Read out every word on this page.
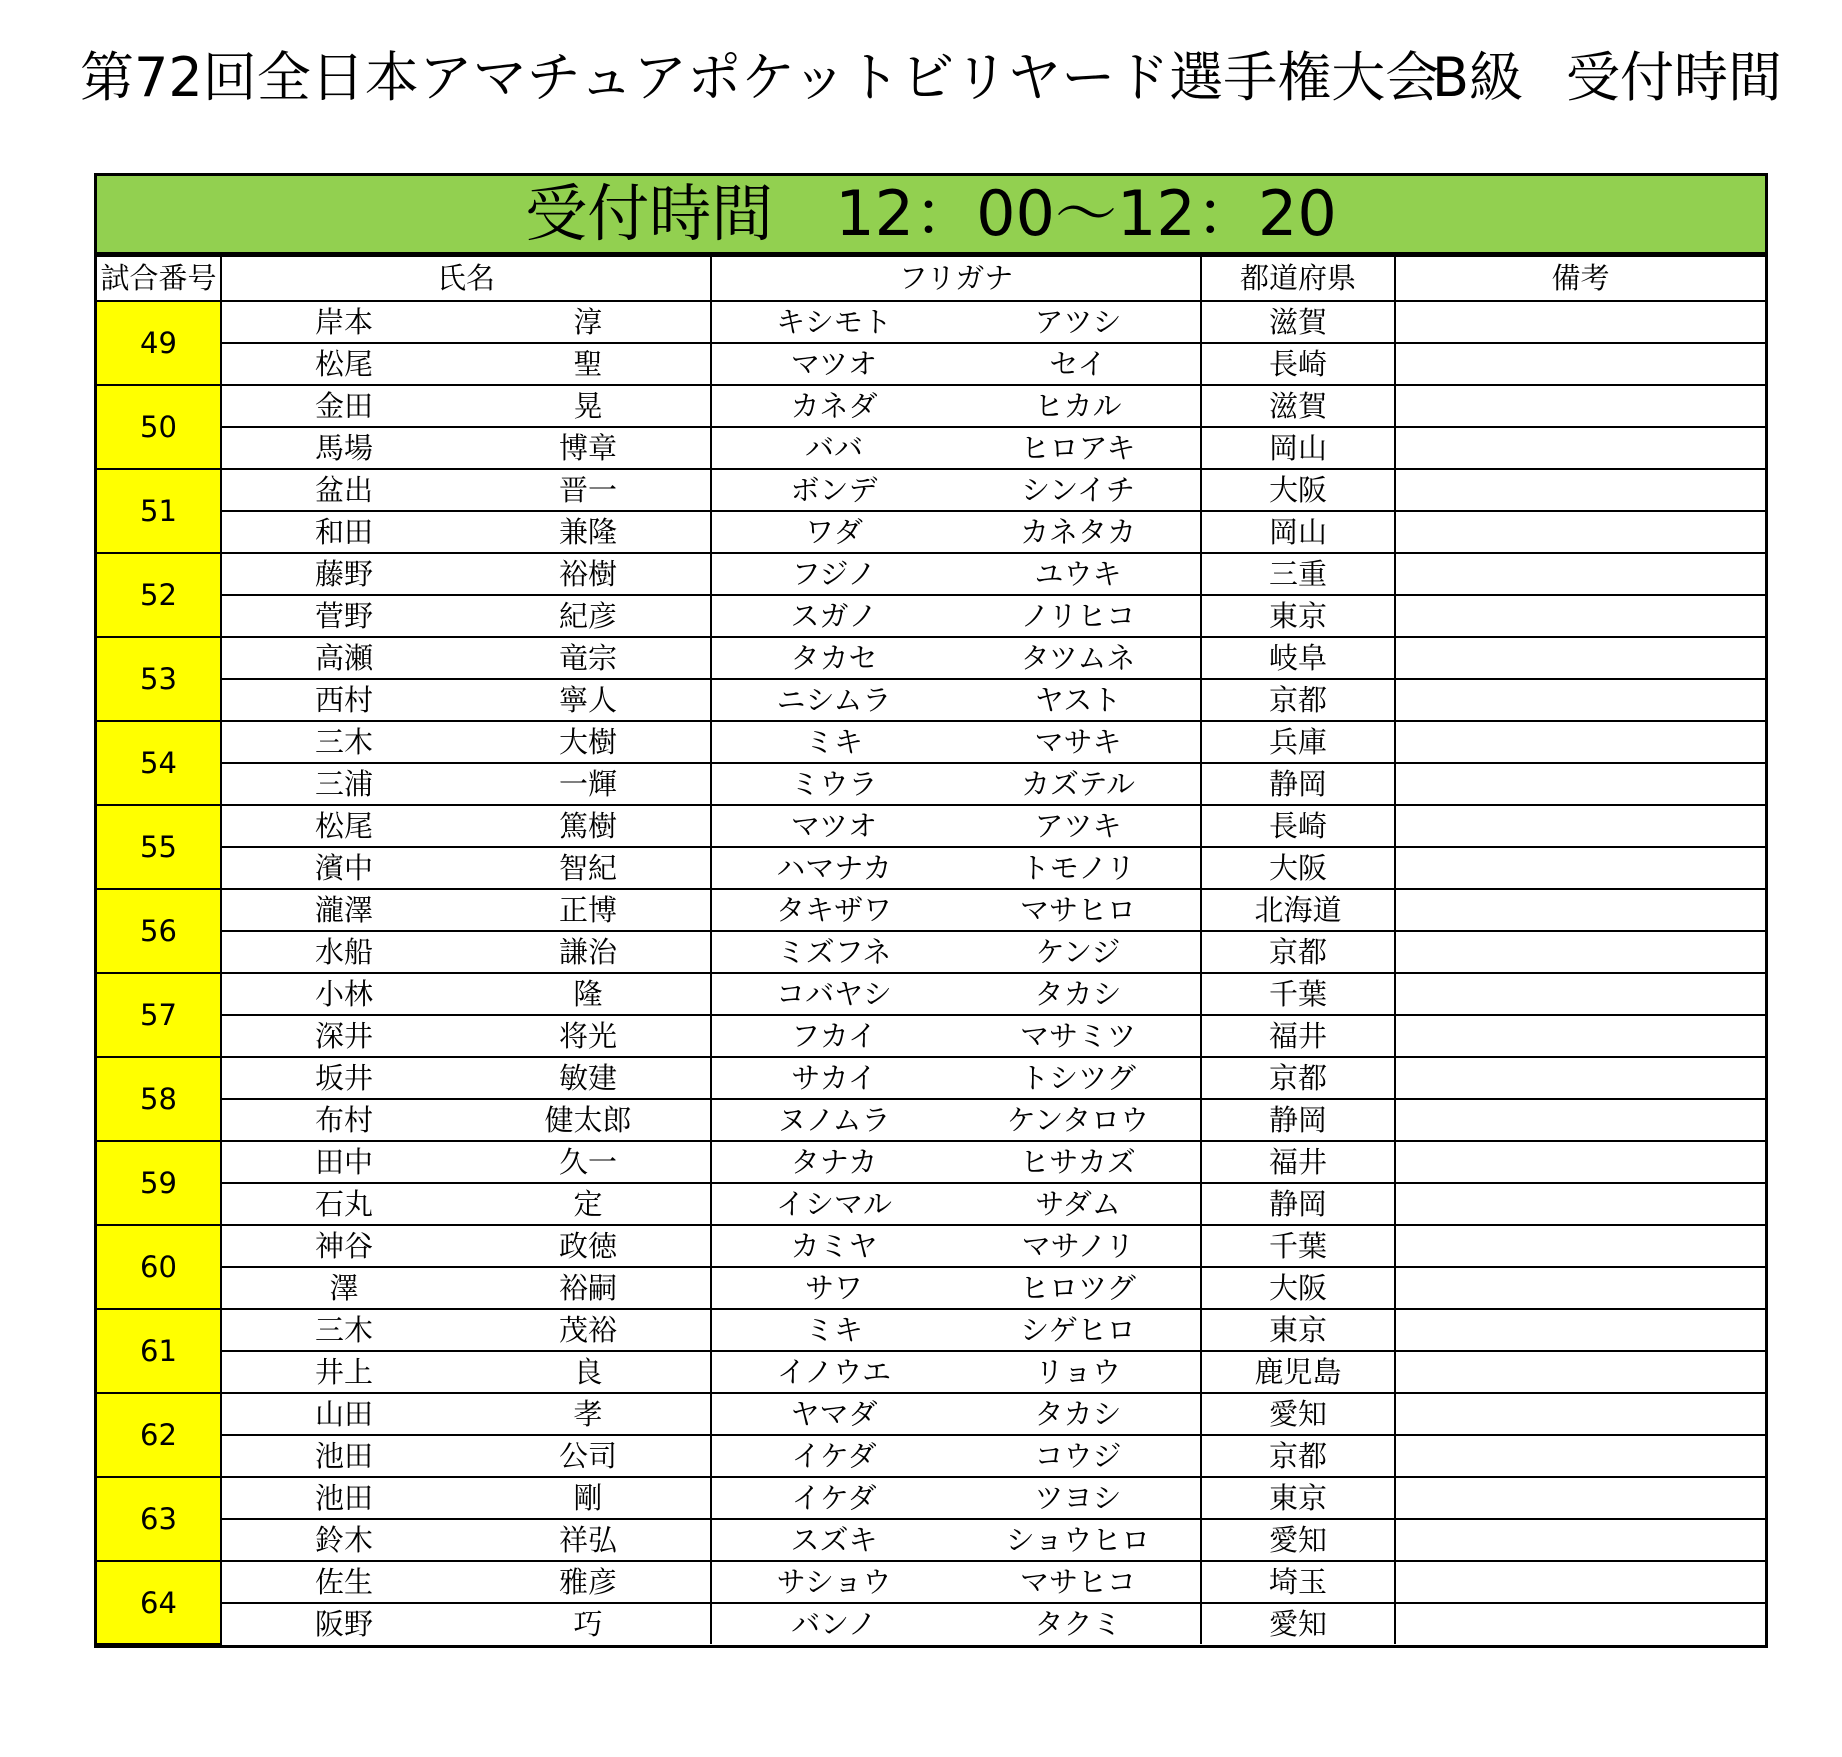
第72回全日本アマチュアポケットビリヤード選手権大会
B級 受付時間
受付時間　12：00～12：20
試合番号	氏名	フリガナ	都道府県	備考
49	岸本 淳	キシモト アツシ	滋賀	

	松尾 聖	マツオ セイ	長崎	
50	金田 晃	カネダ ヒカル	滋賀	

	馬場 博章	ババ ヒロアキ	岡山	
51	盆出 晋一	ボンデ シンイチ	大阪	

	和田 兼隆	ワダ カネタカ	岡山	
52	藤野 裕樹	フジノ ユウキ	三重	

	菅野 紀彦	スガノ ノリヒコ	東京	
53	高瀬 竜宗	タカセ タツムネ	岐阜	

	西村 寧人	ニシムラ ヤスト	京都	
54	三木 大樹	ミキ マサキ	兵庫	

	三浦 一輝	ミウラ カズテル	静岡	
55	松尾 篤樹	マツオ アツキ	長崎	

	濱中 智紀	ハマナカ トモノリ	大阪	
56	瀧澤 正博	タキザワ マサヒロ	北海道	

	水船 謙治	ミズフネ ケンジ	京都	
57	小林 隆	コバヤシ タカシ	千葉	

	深井 将光	フカイ マサミツ	福井	
58	坂井 敏建	サカイ トシツグ	京都	

	布村 健太郎	ヌノムラ ケンタロウ	静岡	
59	田中 久一	タナカ ヒサカズ	福井	

	石丸 定	イシマル サダム	静岡	
60	神谷 政徳	カミヤ マサノリ	千葉	

	澤 裕嗣	サワ ヒロツグ	大阪	
61	三木 茂裕	ミキ シゲヒロ	東京	

	井上 良	イノウエ リョウ	鹿児島	
62	山田 孝	ヤマダ タカシ	愛知	

	池田 公司	イケダ コウジ	京都	
63	池田 剛	イケダ ツヨシ	東京	

	鈴木 祥弘	スズキ ショウヒロ	愛知	
64	佐生 雅彦	サショウ マサヒコ	埼玉	

	阪野 巧	バンノ タクミ	愛知	
